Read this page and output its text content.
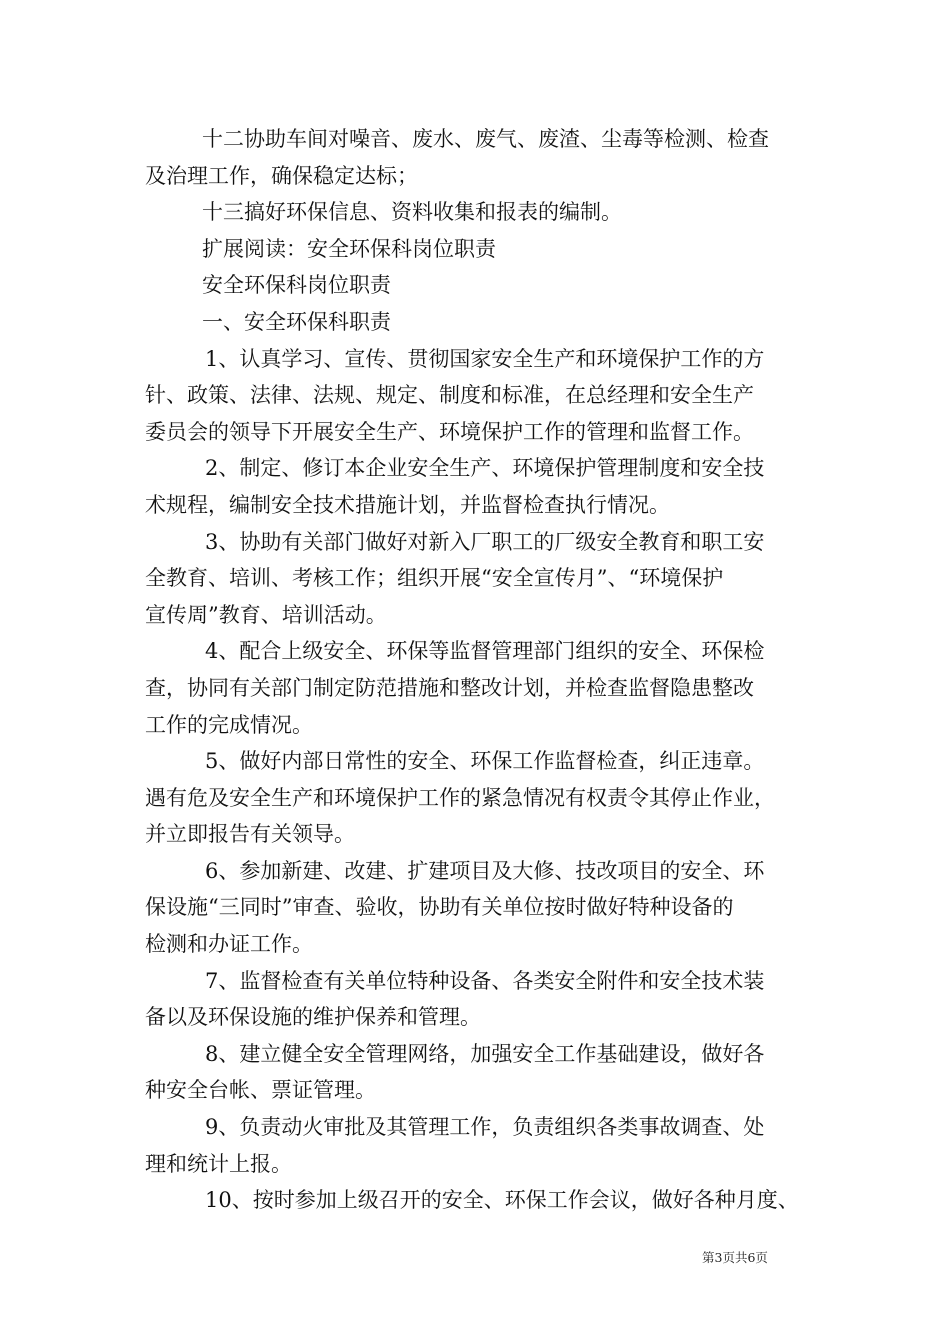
十二协助车间对噪音、废水、废气、废渣、尘毒等检测、检查
及治理工作，确保稳定达标；
十三搞好环保信息、资料收集和报表的编制。
扩展阅读：安全环保科岗位职责
安全环保科岗位职责
一、安全环保科职责
1、认真学习、宣传、贯彻国家安全生产和环境保护工作的方
针、政策、法律、法规、规定、制度和标准，在总经理和安全生产
委员会的领导下开展安全生产、环境保护工作的管理和监督工作。
2、制定、修订本企业安全生产、环境保护管理制度和安全技
术规程，编制安全技术措施计划，并监督检查执行情况。
3、协助有关部门做好对新入厂职工的厂级安全教育和职工安
全教育、培训、考核工作；组织开展“安全宣传月”、“环境保护
宣传周”教育、培训活动。
4、配合上级安全、环保等监督管理部门组织的安全、环保检
查，协同有关部门制定防范措施和整改计划，并检查监督隐患整改
工作的完成情况。
5、做好内部日常性的安全、环保工作监督检查，纠正违章。
遇有危及安全生产和环境保护工作的紧急情况有权责令其停止作业，
并立即报告有关领导。
6、参加新建、改建、扩建项目及大修、技改项目的安全、环
保设施“三同时”审查、验收，协助有关单位按时做好特种设备的
检测和办证工作。
7、监督检查有关单位特种设备、各类安全附件和安全技术装
备以及环保设施的维护保养和管理。
8、建立健全安全管理网络，加强安全工作基础建设，做好各
种安全台帐、票证管理。
9、负责动火审批及其管理工作，负责组织各类事故调查、处
理和统计上报。
10、按时参加上级召开的安全、环保工作会议，做好各种月度、
第3页共6页
